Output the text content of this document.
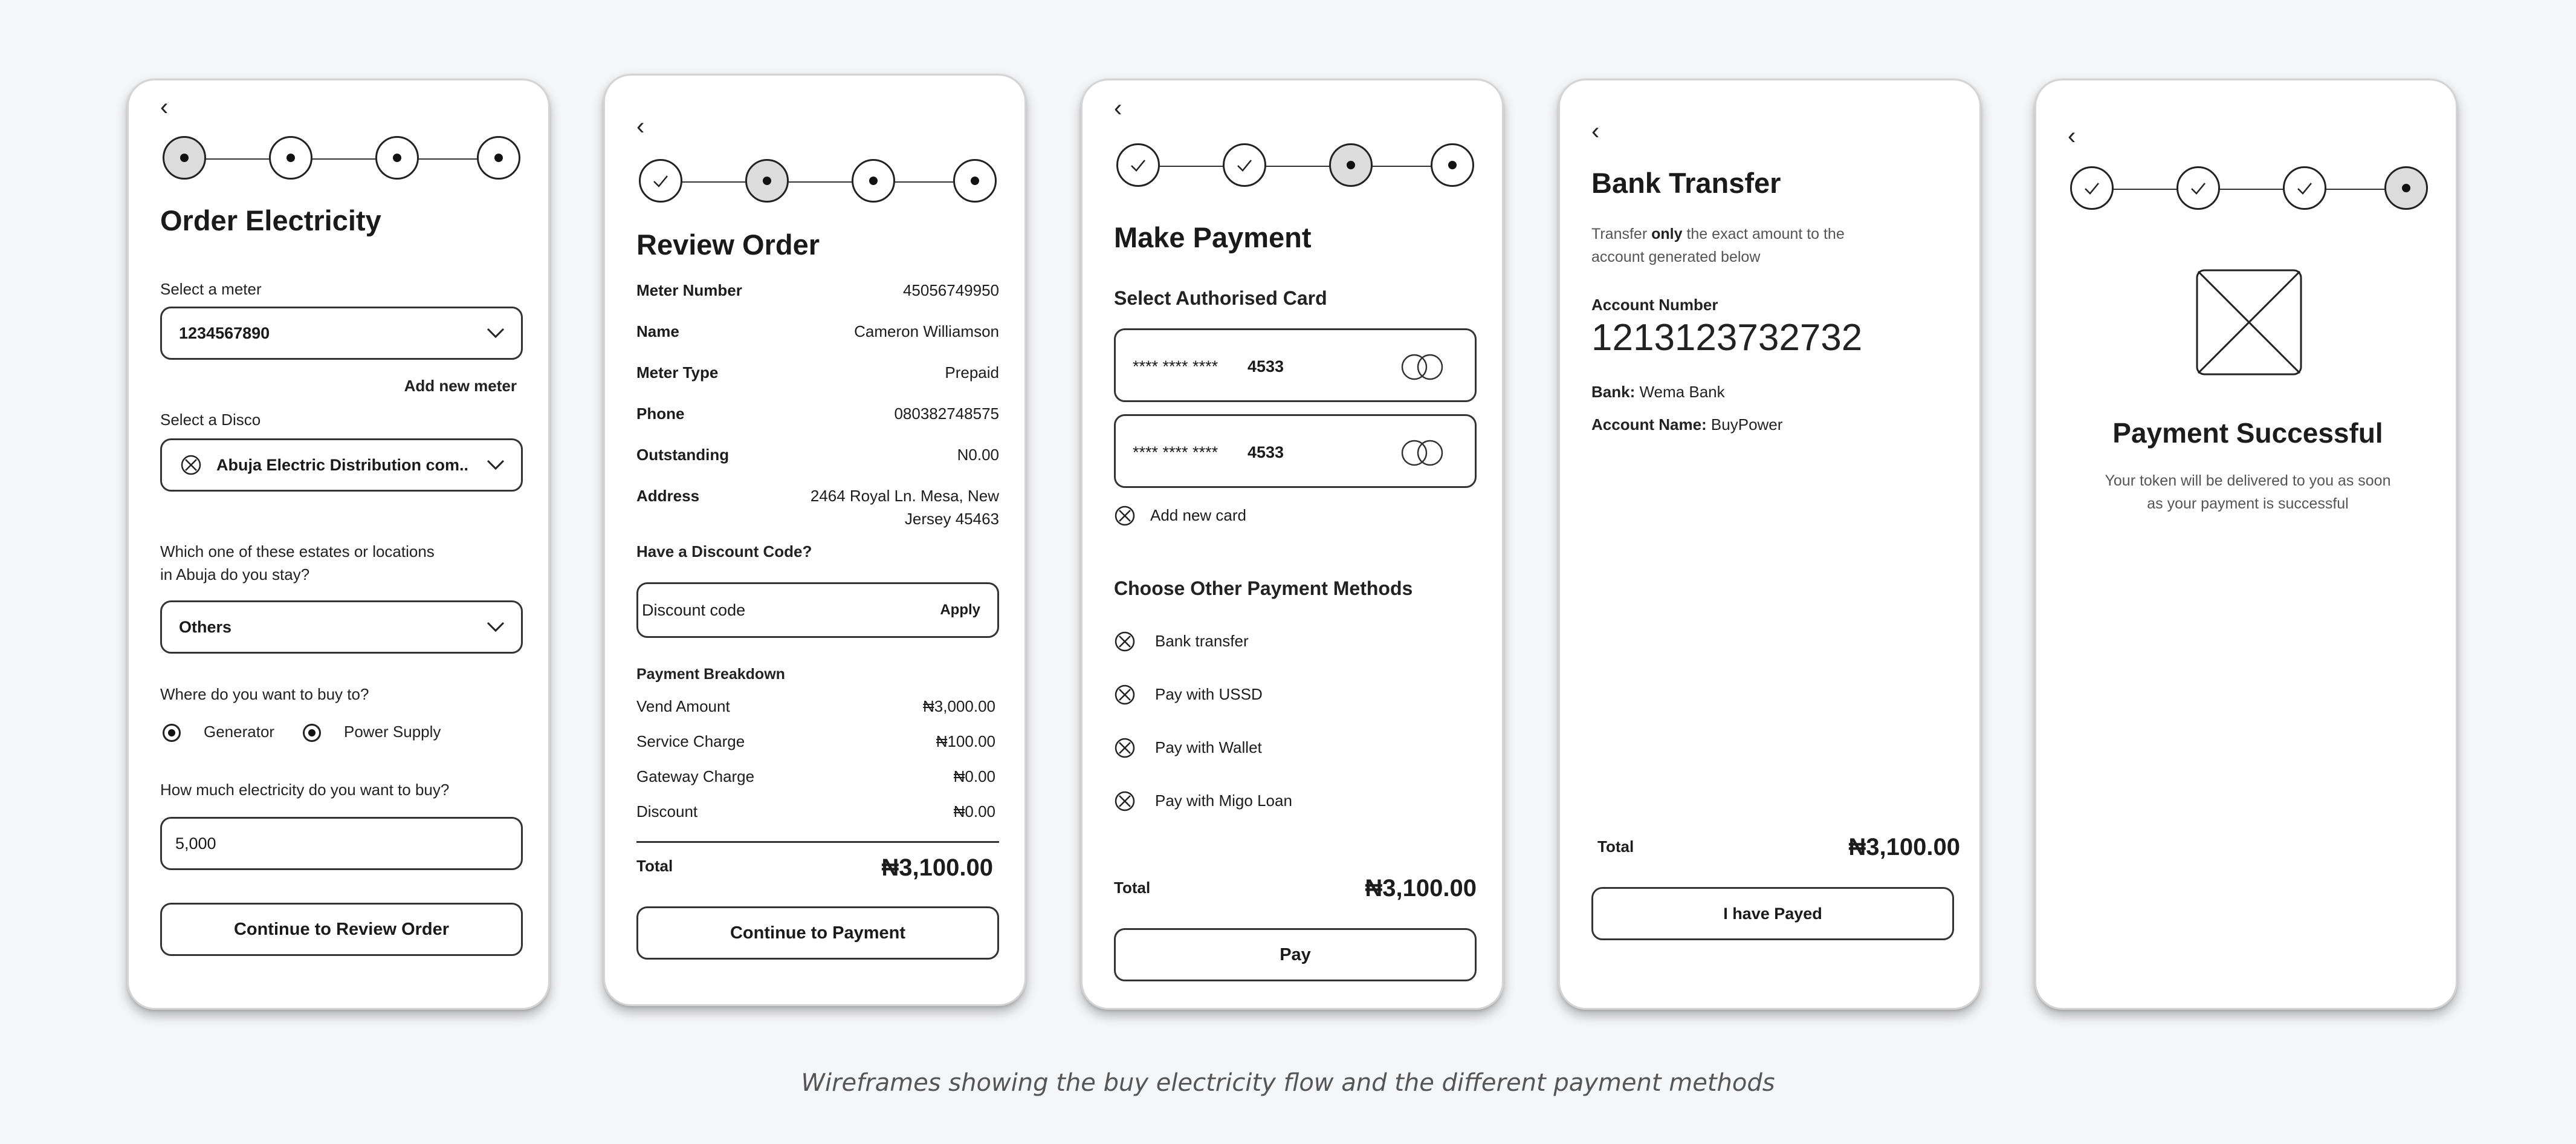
‹
Order Electricity
Select a meter
1234567890
Add new meter
Select a Disco
Abuja Electric Distribution com..
Which one of these estates or locations
in Abuja do you stay?
Others
Where do you want to buy to?
Generator	Power Supply
How much electricity do you want to buy?
5,000
Continue to Review Order
‹
Review Order
Meter Number	45056749950
Name	Cameron Williamson
Meter Type	Prepaid
Phone	080382748575
Outstanding	N0.00
Address	2464 Royal Ln. Mesa, New
Jersey 45463
Have a Discount Code?
Discount code	Apply
Payment Breakdown
Vend Amount	₦3,000.00
Service Charge	₦100.00
Gateway Charge	₦0.00
Discount	₦0.00
Total	₦3,100.00
Continue to Payment
‹
Make Payment
Select Authorised Card
**** **** **** 4533
**** **** **** 4533
Add new card
Choose Other Payment Methods
Bank transfer
Pay with USSD
Pay with Wallet
Pay with Migo Loan
Total	₦3,100.00
Pay
‹
Bank Transfer
Transfer only the exact amount to the
account generated below
Account Number
1213123732732
Bank: Wema Bank
Account Name: BuyPower
Total	₦3,100.00
I have Payed
‹
Payment Successful
Your token will be delivered to you as soon
as your payment is successful
Wireframes showing the buy electricity flow and the different payment methods
